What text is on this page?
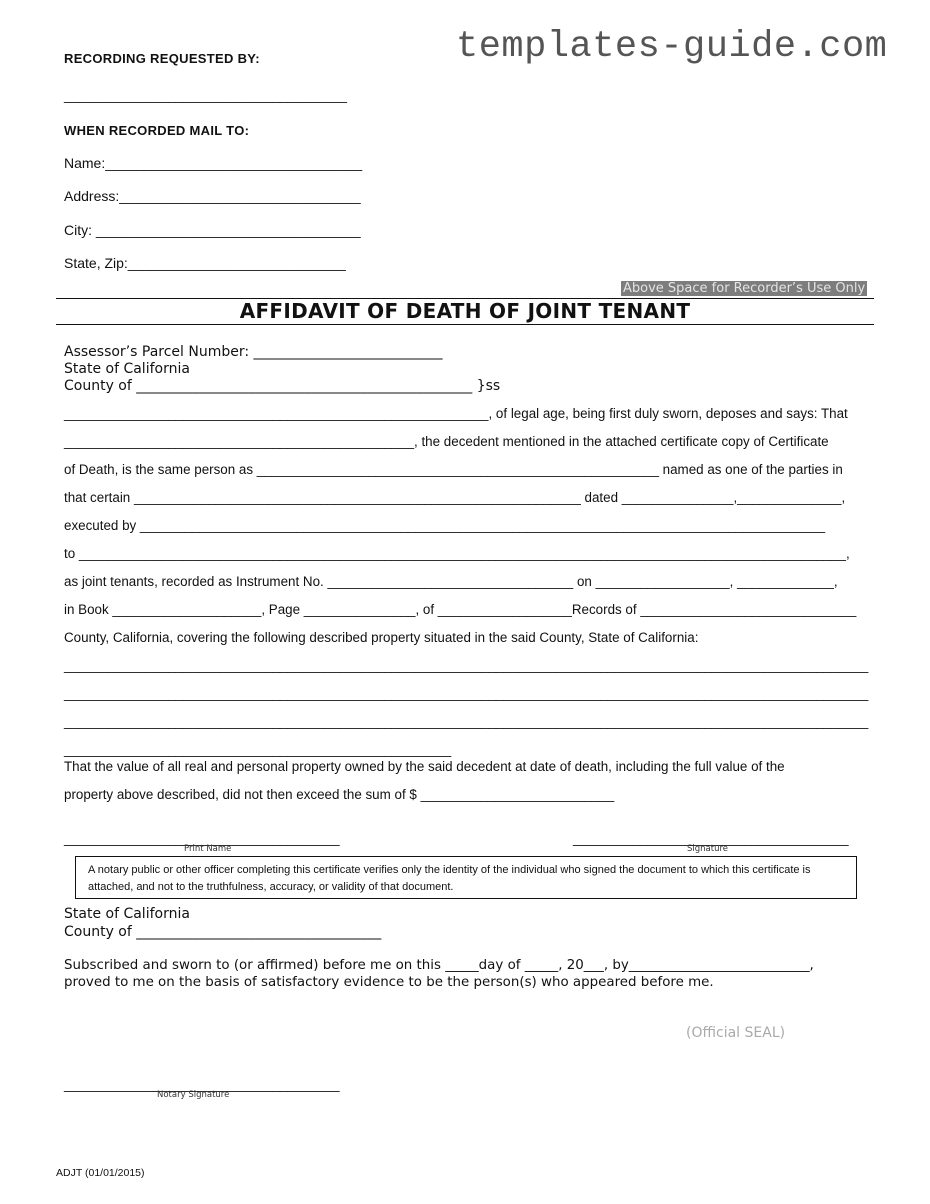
templates-guide.com
RECORDING REQUESTED BY:
______________________________________
WHEN RECORDED MAIL TO:
Name:_________________________________
Address:_______________________________
City: __________________________________
State, Zip:____________________________
Above Space for Recorder’s Use Only
AFFIDAVIT OF DEATH OF JOINT TENANT
Assessor’s Parcel Number: ___________________________
State of California
County of ________________________________________________ }ss
_________________________________________________________, of legal age, being first duly sworn, deposes and says: That
_______________________________________________, the decedent mentioned in the attached certificate copy of Certificate
of Death, is the same person as ______________________________________________________ named as one of the parties in
that certain ____________________________________________________________ dated _______________,______________,
executed by ____________________________________________________________________________________________
to _______________________________________________________________________________________________________,
as joint tenants, recorded as Instrument No. _________________________________ on __________________, _____________,
in Book ____________________, Page _______________, of __________________Records of _____________________________
County, California, covering the following described property situated in the said County, State of California:
____________________________________________________________________________________________________________
____________________________________________________________________________________________________________
____________________________________________________________________________________________________________
____________________________________________________
That the value of all real and personal property owned by the said decedent at date of death, including the full value of the
property above described, did not then exceed the sum of $ __________________________
_____________________________________
Print Name
_____________________________________
Signature
A notary public or other officer completing this certificate verifies only the identity of the individual who signed the document to which this certificate is attached, and not to the truthfulness, accuracy, or validity of that document.
State of California
County of ___________________________________
Subscribed and sworn to (or affirmed) before me on this _____day of _____, 20___, by___________________________,
proved to me on the basis of satisfactory evidence to be the person(s) who appeared before me.
(Official SEAL)
_____________________________________
Notary Signature
ADJT (01/01/2015)
